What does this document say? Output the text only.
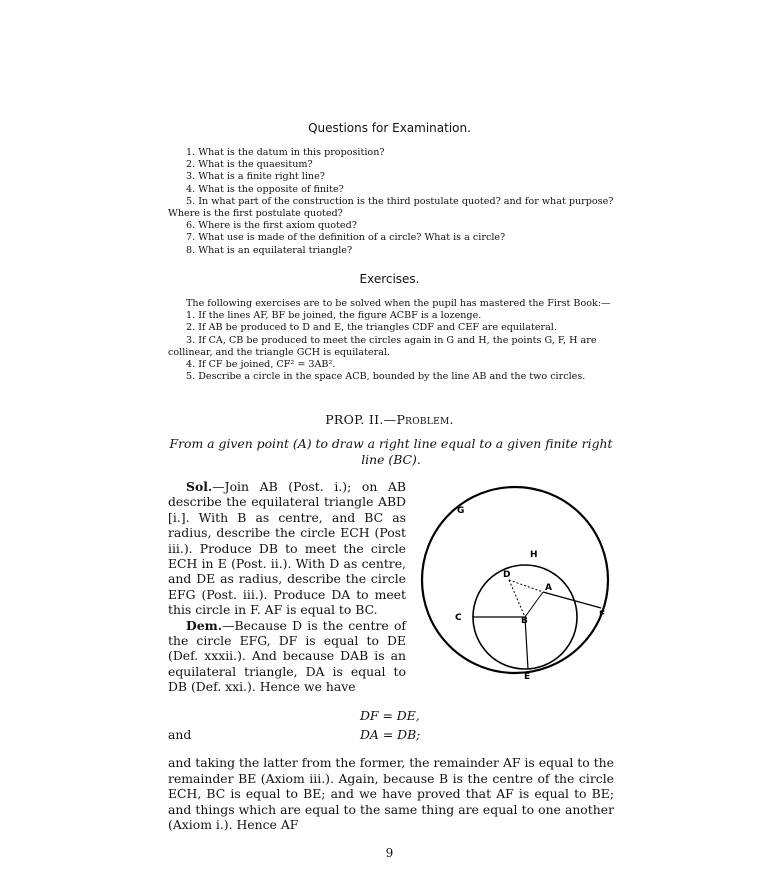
Questions for Examination.
1. What is the datum in this proposition?
2. What is the quaesitum?
3. What is a finite right line?
4. What is the opposite of finite?
5. In what part of the construction is the third postulate quoted? and for what purpose?
Where is the first postulate quoted?
6. Where is the first axiom quoted?
7. What use is made of the definition of a circle? What is a circle?
8. What is an equilateral triangle?
Exercises.
The following exercises are to be solved when the pupil has mastered the First Book:—
1. If the lines AF, BF be joined, the figure ACBF is a lozenge.
2. If AB be produced to D and E, the triangles CDF and CEF are equilateral.
3. If CA, CB be produced to meet the circles again in G and H, the points G, F, H are
collinear, and the triangle GCH is equilateral.
4. If CF be joined, CF² = 3AB².
5. Describe a circle in the space ACB, bounded by the line AB and the two circles.
PROP. II.—Problem.
From a given point (A) to draw a right line equal to a given finite right line (BC).
Sol.—Join AB (Post. i.); on AB describe the equilateral triangle ABD [i.]. With B as centre, and BC as radius, describe the circle ECH (Post iii.). Produce DB to meet the circle ECH in E (Post. ii.). With D as centre, and DE as radius, describe the circle EFG (Post. iii.). Produce DA to meet this circle in F. AF is equal to BC.
Dem.—Because D is the centre of the circle EFG, DF is equal to DE (Def. xxxii.). And because DAB is an equilateral triangle, DA is equal to DB (Def. xxi.). Hence we have
G
H
D
A
C	B
F
E
DF = DE,
and	DA = DB;
and taking the latter from the former, the remainder AF is equal to the remainder BE (Axiom iii.). Again, because B is the centre of the circle ECH, BC is equal to BE; and we have proved that AF is equal to BE; and things which are equal to the same thing are equal to one another (Axiom i.). Hence AF
9
